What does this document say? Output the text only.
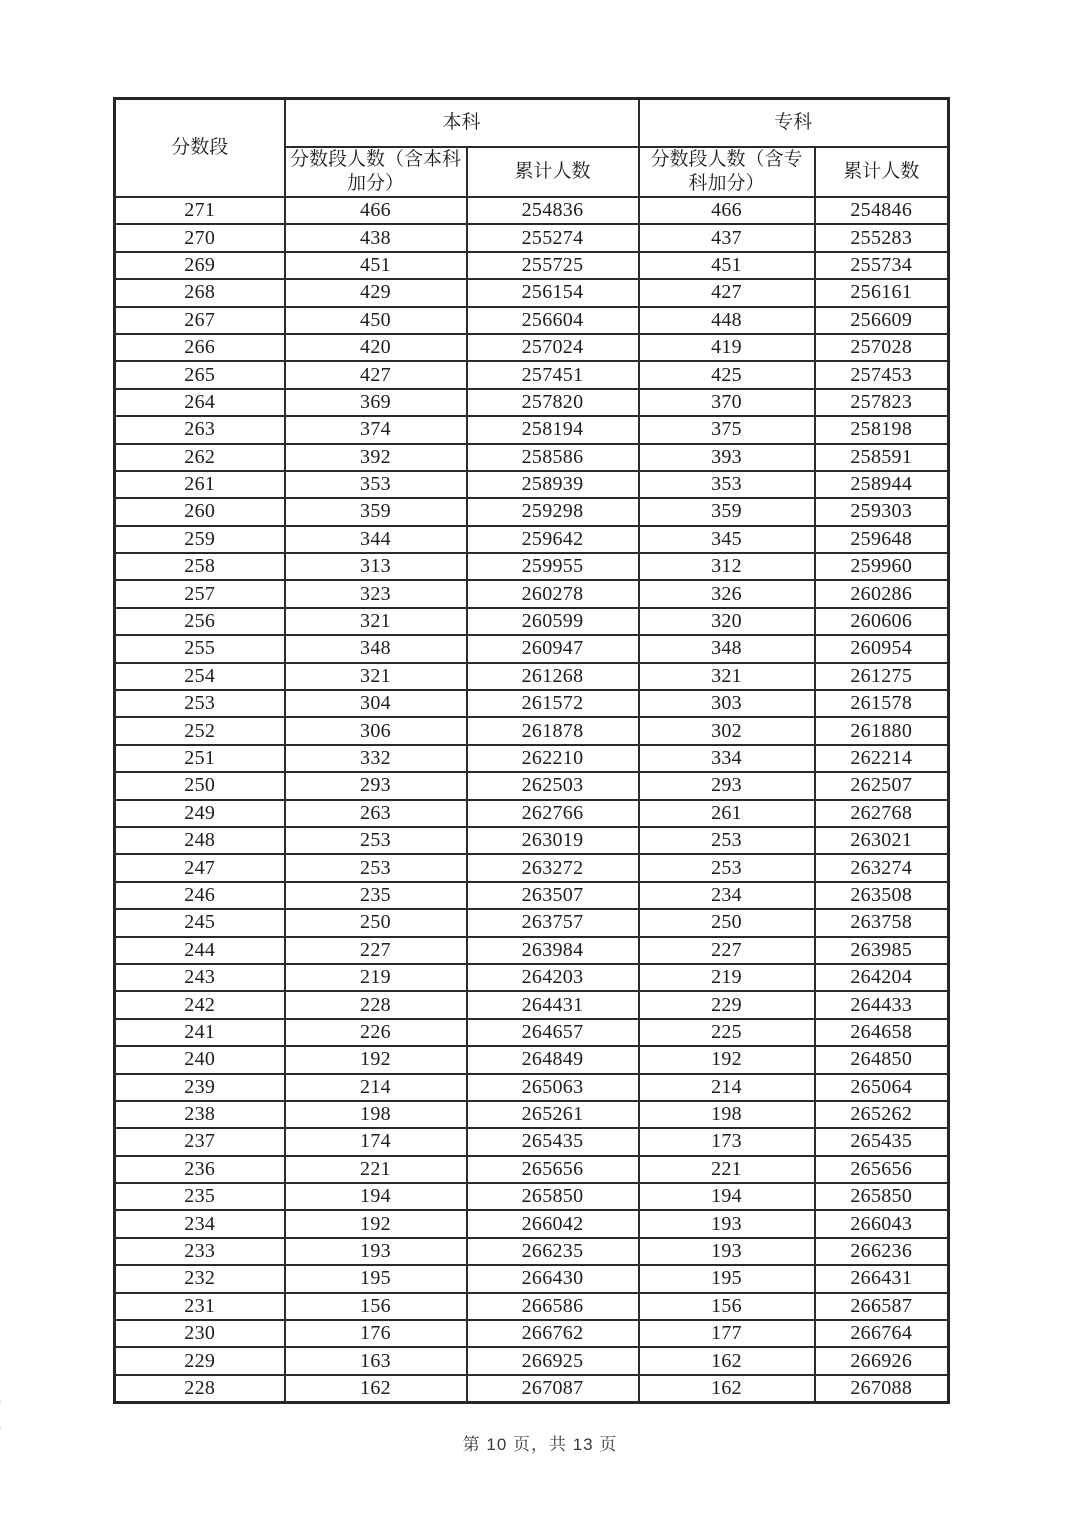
分数段	本科		专科	
	分数段人数（含本科加分）	累计人数	分数段人数（含专科加分）	累计人数
271	466	254836	466	254846
270	438	255274	437	255283
269	451	255725	451	255734
268	429	256154	427	256161
267	450	256604	448	256609
266	420	257024	419	257028
265	427	257451	425	257453
264	369	257820	370	257823
263	374	258194	375	258198
262	392	258586	393	258591
261	353	258939	353	258944
260	359	259298	359	259303
259	344	259642	345	259648
258	313	259955	312	259960
257	323	260278	326	260286
256	321	260599	320	260606
255	348	260947	348	260954
254	321	261268	321	261275
253	304	261572	303	261578
252	306	261878	302	261880
251	332	262210	334	262214
250	293	262503	293	262507
249	263	262766	261	262768
248	253	263019	253	263021
247	253	263272	253	263274
246	235	263507	234	263508
245	250	263757	250	263758
244	227	263984	227	263985
243	219	264203	219	264204
242	228	264431	229	264433
241	226	264657	225	264658
240	192	264849	192	264850
239	214	265063	214	265064
238	198	265261	198	265262
237	174	265435	173	265435
236	221	265656	221	265656
235	194	265850	194	265850
234	192	266042	193	266043
233	193	266235	193	266236
232	195	266430	195	266431
231	156	266586	156	266587
230	176	266762	177	266764
229	163	266925	162	266926
228	162	267087	162	267088
第 10 页，共 13 页
